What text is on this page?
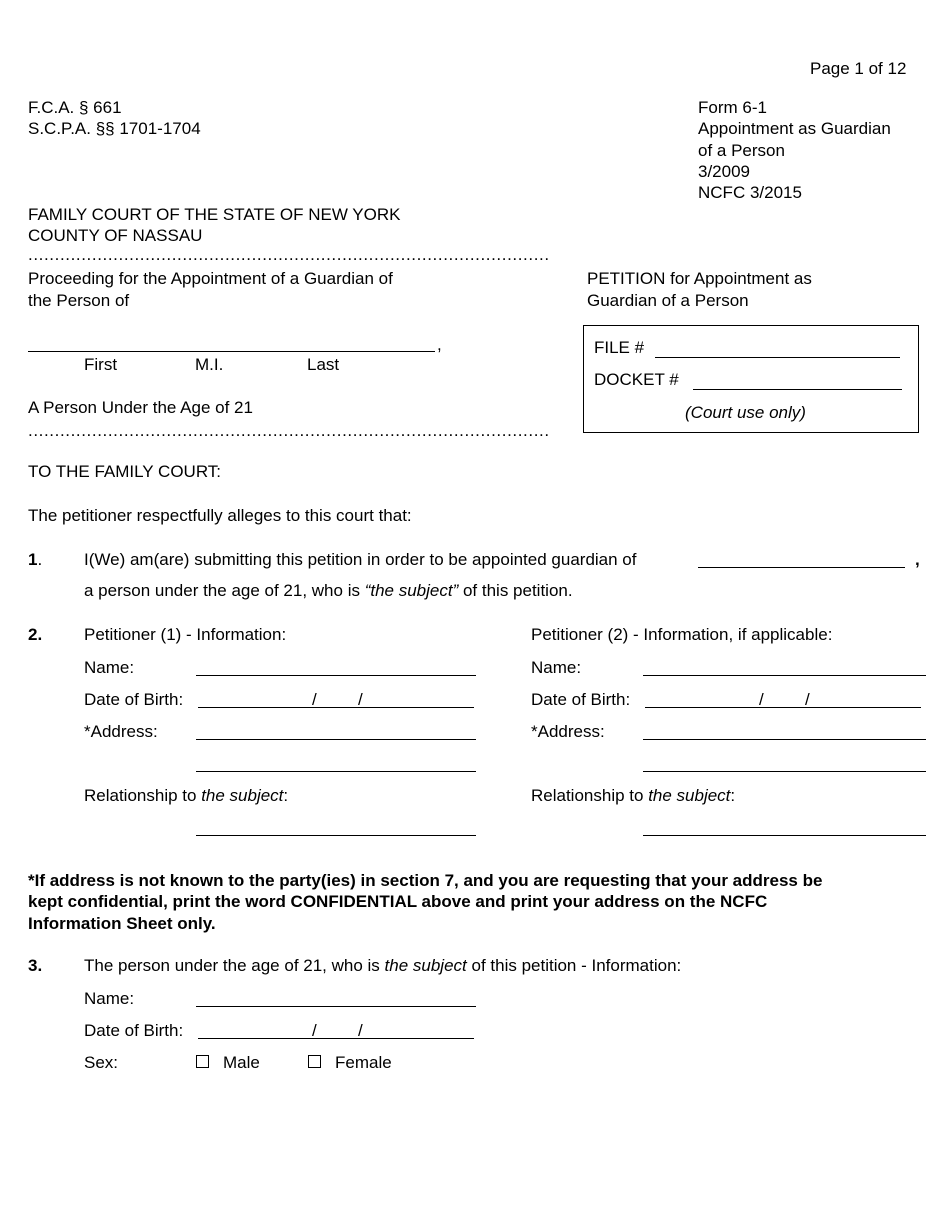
Page 1 of 12
F.C.A. § 661
S.C.P.A. §§ 1701-1704
Form 6-1
Appointment as Guardian
of a Person
3/2009
NCFC 3/2015
FAMILY COURT OF THE STATE OF NEW YORK
COUNTY OF NASSAU
..................................................................................................
Proceeding for the Appointment of a Guardian of
the Person of
,
First	M.I.	Last
A Person Under the Age of 21
..................................................................................................
PETITION for Appointment as
Guardian of a Person
FILE #
DOCKET #
(Court use only)
TO THE FAMILY COURT:
The petitioner respectfully alleges to this court that:
1. I(We) am(are) submitting this petition in order to be appointed guardian of	,
a person under the age of 21, who is “the subject” of this petition.
2. Petitioner (1) - Information:
Name:
Date of Birth:	/ /
*Address:
Relationship to the subject:
Petitioner (2) - Information, if applicable:
Name:
Date of Birth:	/ /
*Address:
Relationship to the subject:
*If address is not known to the party(ies) in section 7, and you are requesting that your address be
kept confidential, print the word CONFIDENTIAL above and print your address on the NCFC
Information Sheet only.
3. The person under the age of 21, who is the subject of this petition - Information:
Name:
Date of Birth:	/ /
Sex:	Male	Female
